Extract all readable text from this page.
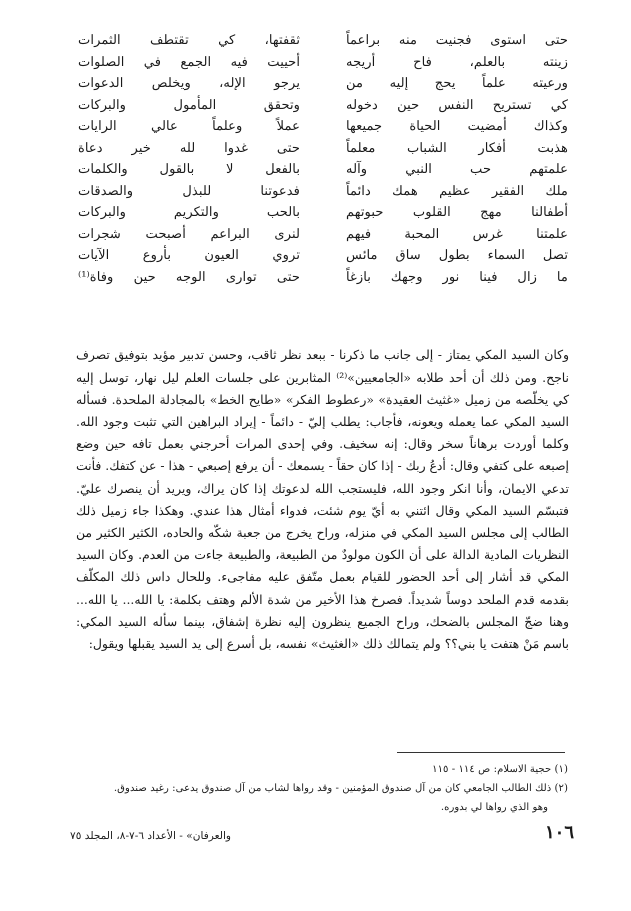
حتى استوى فجنيت منه براعماً
ثقفتها، كي تقتطف الثمرات
زينته بالعلم، فاح أريجه
أحييت فيه الجمع في الصلوات
ورعيته علماً يحج إليه من
يرجو الإله، ويخلص الدعوات
كي تستريح النفس حين دخوله
وتحقق المأمول والبركات
وكذاك أمضيت الحياة جميعها
عملاً وعلماً عالي الرايات
هذبت أفكار الشباب معلماً
حتى غدوا لله خير دعاة
علمتهم حب النبي وآله
بالفعل لا بالقول والكلمات
ملك الفقير عظيم همك دائماً
فدعوتنا للبذل والصدقات
أطفالنا مهج القلوب حبوتهم
بالحب والتكريم والبركات
علمتنا غرس المحبة فيهم
لنرى البراعم أصبحت شجرات
تصل السماء بطول ساق مائس
تروي العيون بأروع الآيات
ما زال فينا نور وجهك بازغاً
حتى توارى الوجه حين وفاة⁽¹⁾

وكان السيد المكي يمتاز - إلى جانب ما ذكرنا - ببعد نظر ثاقب، وحسن تدبير مؤيد بتوفيق تصرف ناجح. ومن ذلك أن أحد طلابه «الجامعيين»⁽²⁾ المثابرين على جلسات العلم ليل نهار، توسل إليه كي يخلّصه من زميل «غثيث العقيدة» «رعطوط الفكر» «طايح الخط» بالمجادلة الملحدة. فسأله السيد المكي عما يعمله ويعونه، فأجاب: يطلب إليّ - دائماً - إيراد البراهين التي تثبت وجود الله. وكلما أوردت برهاناً سخر وقال: إنه سخيف. وفي إحدى المرات أحرجني بعمل تافه حين وضع إصبعه على كتفي وقال: أدعُ ربك - إذا كان حقاً - يسمعك - أن يرفع إصبعي - هذا - عن كتفك. فأنت تدعي الايمان، وأنا انكر وجود الله، فليستجب الله لدعوتك إذا كان يراك، ويريد أن ينصرك عليّ. فتبسّم السيد المكي وقال ائتني به أيّ يوم شئت، فدواء أمثال هذا عندي. وهكذا جاء زميل ذلك الطالب إلى مجلس السيد المكي في منزله، وراح يخرج من جعبة شكّه والحاده، الكثير الكثير من النظريات المادية الدالة على أن الكون مولودٌ من الطبيعة، والطبيعة جاءت من العدم. وكان السيد المكي قد أشار إلى أحد الحضور للقيام بعمل متّفق عليه مفاجىء. وللحال داس ذلك المكلّف بقدمه قدم الملحد دوساً شديداً. فصرخ هذا الأخير من شدة الألم وهتف بكلمة: يا الله... يا الله... وهنا ضجّ المجلس بالضحك، وراح الجميع ينظرون إليه نظرة إشفاق، بينما سأله السيد المكي: باسم مَنْ هتفت يا بني؟؟ ولم يتمالك ذلك «الغثيث» نفسه، بل أسرع إلى يد السيد يقبلها ويقول:

(١) حجية الاسلام: ص ١١٤ - ١١٥
(٢) ذلك الطالب الجامعي كان من آل صندوق المؤمنين - وقد رواها لشاب من آل صندوق يدعى: رغيد صندوق.
وهو الذي رواها لي بدوره.
١٠٦
والعرفان» - الأعداد ٦-٧-٨، المجلد ٧٥
